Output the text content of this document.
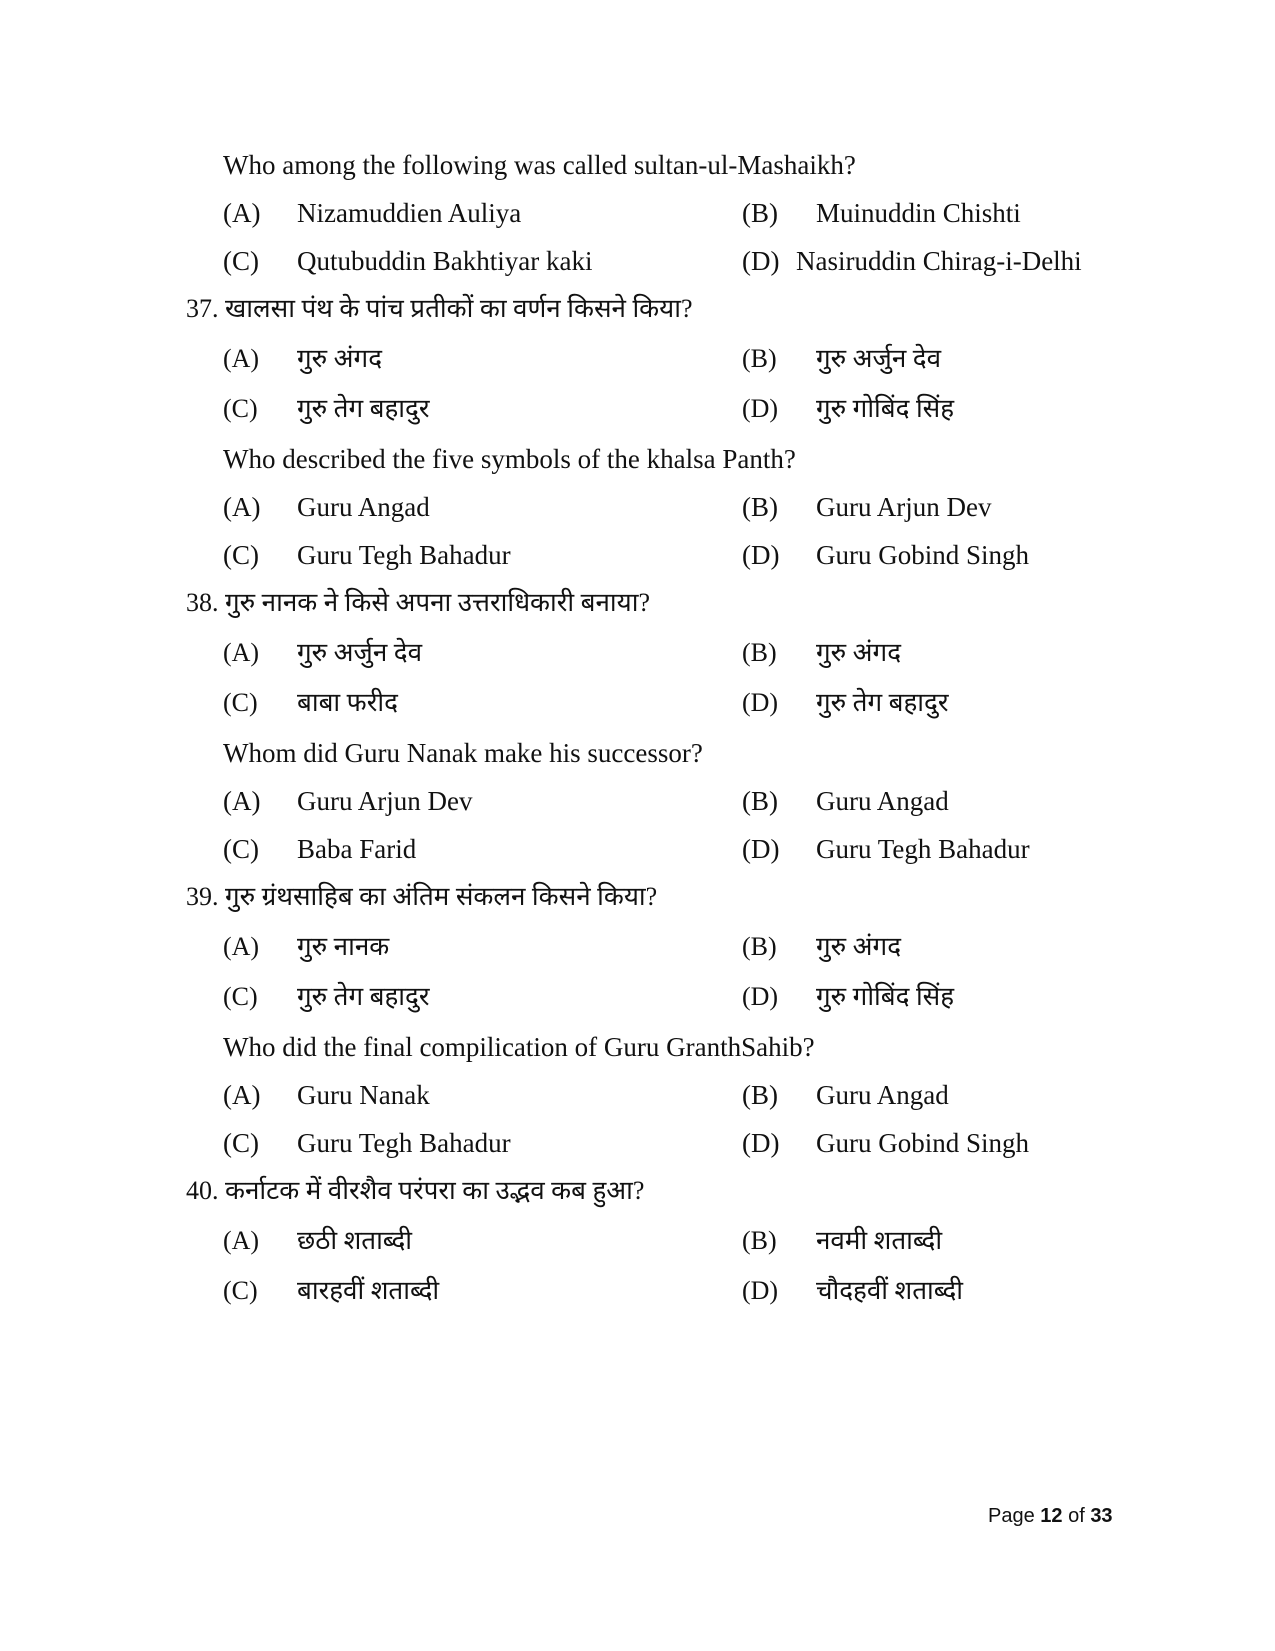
Who among the following was called sultan-ul-Mashaikh?
(A)	Nizamuddien Auliya	(B)	Muinuddin Chishti
(C)	Qutubuddin Bakhtiyar kaki	(D) Nasiruddin Chirag-i-Delhi
37. खालसा पंथ के पांच प्रतीकों का वर्णन किसने किया?
(A)	गुरु अंगद	(B)	गुरु अर्जुन देव
(C)	गुरु तेग बहादुर	(D)	गुरु गोबिंद सिंह
Who described the five symbols of the khalsa Panth?
(A)	Guru Angad	(B)	Guru Arjun Dev
(C)	Guru Tegh Bahadur	(D)	Guru Gobind Singh
38. गुरु नानक ने किसे अपना उत्तराधिकारी बनाया?
(A)	गुरु अर्जुन देव	(B)	गुरु अंगद
(C)	बाबा फरीद	(D)	गुरु तेग बहादुर
Whom did Guru Nanak make his successor?
(A)	Guru Arjun Dev	(B)	Guru Angad
(C)	Baba Farid	(D)	Guru Tegh Bahadur
39. गुरु ग्रंथसाहिब का अंतिम संकलन किसने किया?
(A)	गुरु नानक	(B)	गुरु अंगद
(C)	गुरु तेग बहादुर	(D)	गुरु गोबिंद सिंह
Who did the final compilication of Guru GranthSahib?
(A)	Guru Nanak	(B)	Guru Angad
(C)	Guru Tegh Bahadur	(D)	Guru Gobind Singh
40. कर्नाटक में वीरशैव परंपरा का उद्भव कब हुआ?
(A)	छठी शताब्दी	(B)	नवमी शताब्दी
(C)	बारहवीं शताब्दी	(D)	चौदहवीं शताब्दी
Page 12 of 33
